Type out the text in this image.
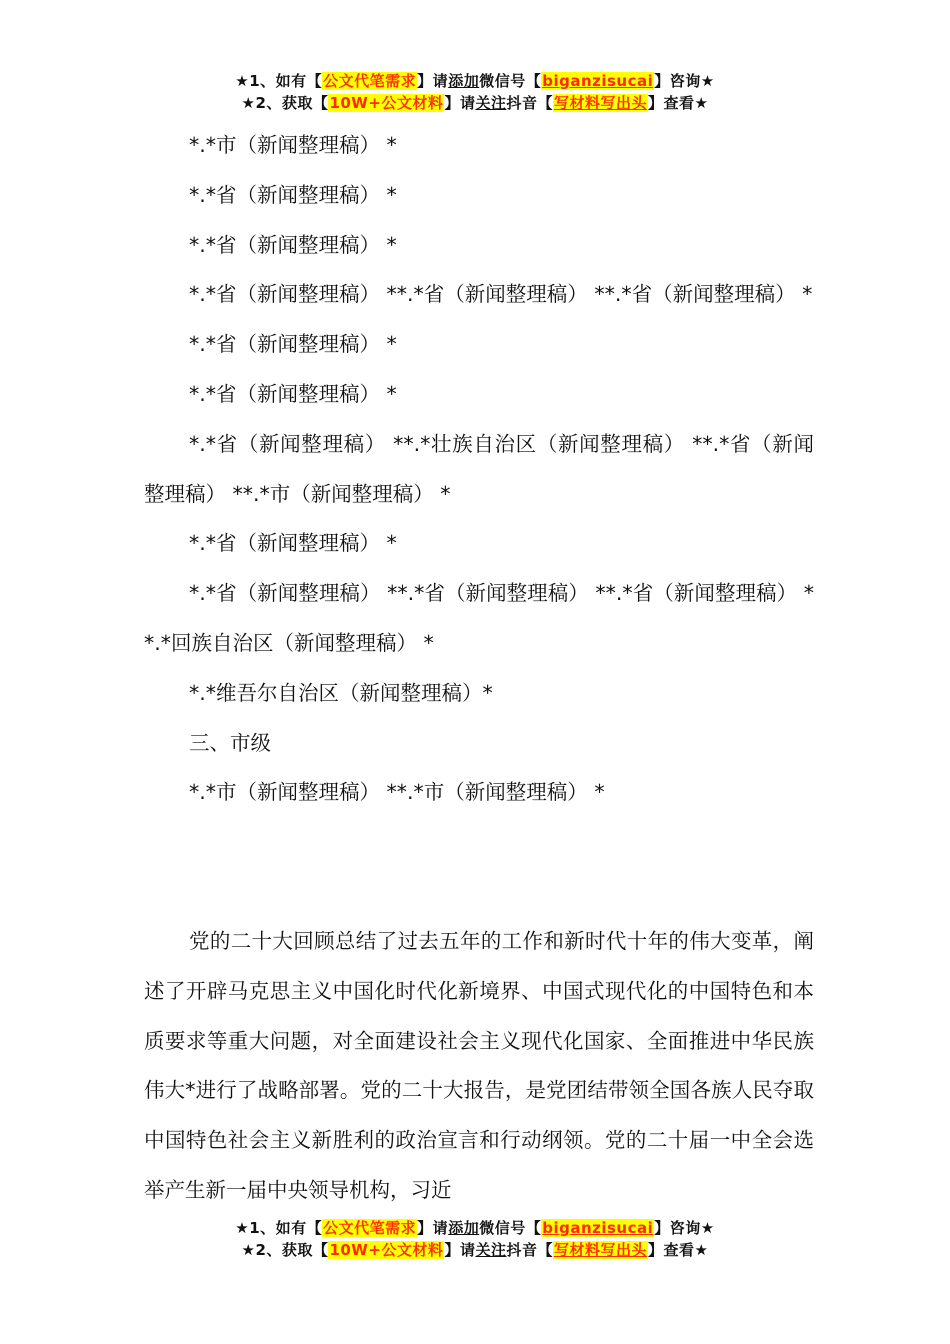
★1、如有【公文代笔需求】请添加微信号【biganzisucai】咨询★
★2、获取【10W+公文材料】请关注抖音【写材料写出头】查看★

*.*市（新闻整理稿） *

*.*省（新闻整理稿） *

*.*省（新闻整理稿） *

*.*省（新闻整理稿） **.*省（新闻整理稿） **.*省（新闻整理稿） *

*.*省（新闻整理稿） *

*.*省（新闻整理稿） *

*.*省（新闻整理稿） **.*壮族自治区（新闻整理稿） **.*省（新闻整理稿） **.*市（新闻整理稿） *

*.*省（新闻整理稿） *

*.*省（新闻整理稿） **.*省（新闻整理稿） **.*省（新闻整理稿） **.*回族自治区（新闻整理稿） *

*.*维吾尔自治区（新闻整理稿）*

三、市级

*.*市（新闻整理稿） **.*市（新闻整理稿） *

党的二十大回顾总结了过去五年的工作和新时代十年的伟大变革，阐述了开辟马克思主义中国化时代化新境界、中国式现代化的中国特色和本质要求等重大问题，对全面建设社会主义现代化国家、全面推进中华民族伟大*进行了战略部署。党的二十大报告，是党团结带领全国各族人民夺取中国特色社会主义新胜利的政治宣言和行动纲领。党的二十届一中全会选举产生新一届中央领导机构，习近

★1、如有【公文代笔需求】请添加微信号【biganzisucai】咨询★
★2、获取【10W+公文材料】请关注抖音【写材料写出头】查看★
